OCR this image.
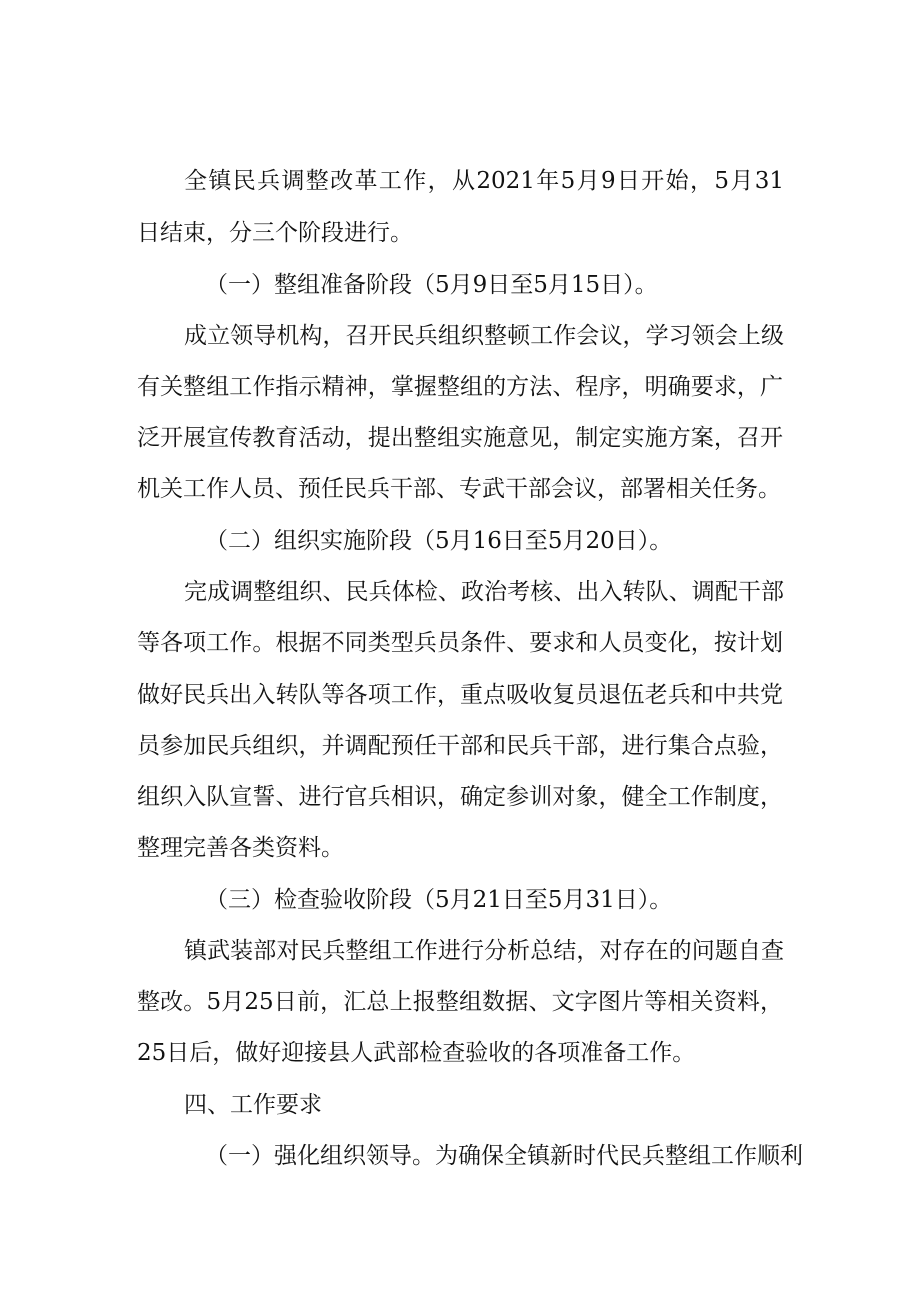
全镇民兵调整改革工作，从2021年5月9日开始，5月31
日结束，分三个阶段进行。
（一）整组准备阶段（5月9日至5月15日）。
成立领导机构，召开民兵组织整顿工作会议，学习领会上级
有关整组工作指示精神，掌握整组的方法、程序，明确要求，广
泛开展宣传教育活动，提出整组实施意见，制定实施方案，召开
机关工作人员、预任民兵干部、专武干部会议，部署相关任务。
（二）组织实施阶段（5月16日至5月20日）。
完成调整组织、民兵体检、政治考核、出入转队、调配干部
等各项工作。根据不同类型兵员条件、要求和人员变化，按计划
做好民兵出入转队等各项工作，重点吸收复员退伍老兵和中共党
员参加民兵组织，并调配预任干部和民兵干部，进行集合点验，
组织入队宣誓、进行官兵相识，确定参训对象，健全工作制度，
整理完善各类资料。
（三）检查验收阶段（5月21日至5月31日）。
镇武装部对民兵整组工作进行分析总结，对存在的问题自查
整改。5月25日前，汇总上报整组数据、文字图片等相关资料，
25日后，做好迎接县人武部检查验收的各项准备工作。
四、工作要求
（一）强化组织领导。为确保全镇新时代民兵整组工作顺利
